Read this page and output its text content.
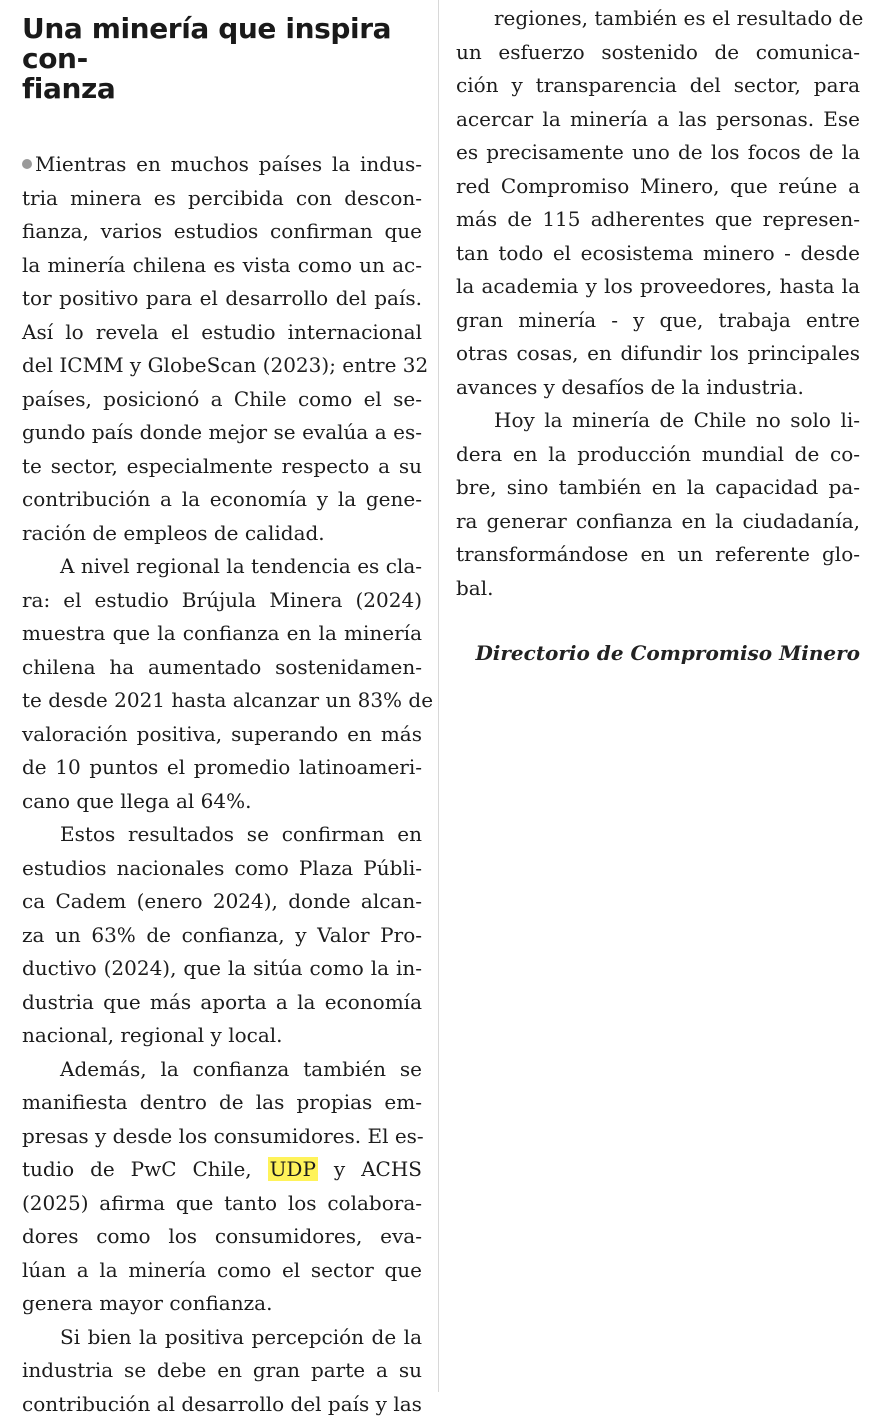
Una minería que inspira con-
fianza

Mientras en muchos países la indus-
tria minera es percibida con descon-
fianza, varios estudios confirman que
la minería chilena es vista como un ac-
tor positivo para el desarrollo del país.
Así lo revela el estudio internacional
del ICMM y GlobeScan (2023); entre 32
países, posicionó a Chile como el se-
gundo país donde mejor se evalúa a es-
te sector, especialmente respecto a su
contribución a la economía y la gene-
ración de empleos de calidad.

A nivel regional la tendencia es cla-
ra: el estudio Brújula Minera (2024)
muestra que la confianza en la minería
chilena ha aumentado sostenidamen-
te desde 2021 hasta alcanzar un 83% de
valoración positiva, superando en más
de 10 puntos el promedio latinoameri-
cano que llega al 64%.

Estos resultados se confirman en
estudios nacionales como Plaza Públi-
ca Cadem (enero 2024), donde alcan-
za un 63% de confianza, y Valor Pro-
ductivo (2024), que la sitúa como la in-
dustria que más aporta a la economía
nacional, regional y local.

Además, la confianza también se
manifiesta dentro de las propias em-
presas y desde los consumidores. El es-
tudio de PwC Chile, UDP y ACHS
(2025) afirma que tanto los colabora-
dores como los consumidores, eva-
lúan a la minería como el sector que
genera mayor confianza.

Si bien la positiva percepción de la
industria se debe en gran parte a su
contribución al desarrollo del país y las

regiones, también es el resultado de
un esfuerzo sostenido de comunica-
ción y transparencia del sector, para
acercar la minería a las personas. Ese
es precisamente uno de los focos de la
red Compromiso Minero, que reúne a
más de 115 adherentes que represen-
tan todo el ecosistema minero - desde
la academia y los proveedores, hasta la
gran minería - y que, trabaja entre
otras cosas, en difundir los principales
avances y desafíos de la industria.

Hoy la minería de Chile no solo li-
dera en la producción mundial de co-
bre, sino también en la capacidad pa-
ra generar confianza en la ciudadanía,
transformándose en un referente glo-
bal.

Directorio de Compromiso Minero
